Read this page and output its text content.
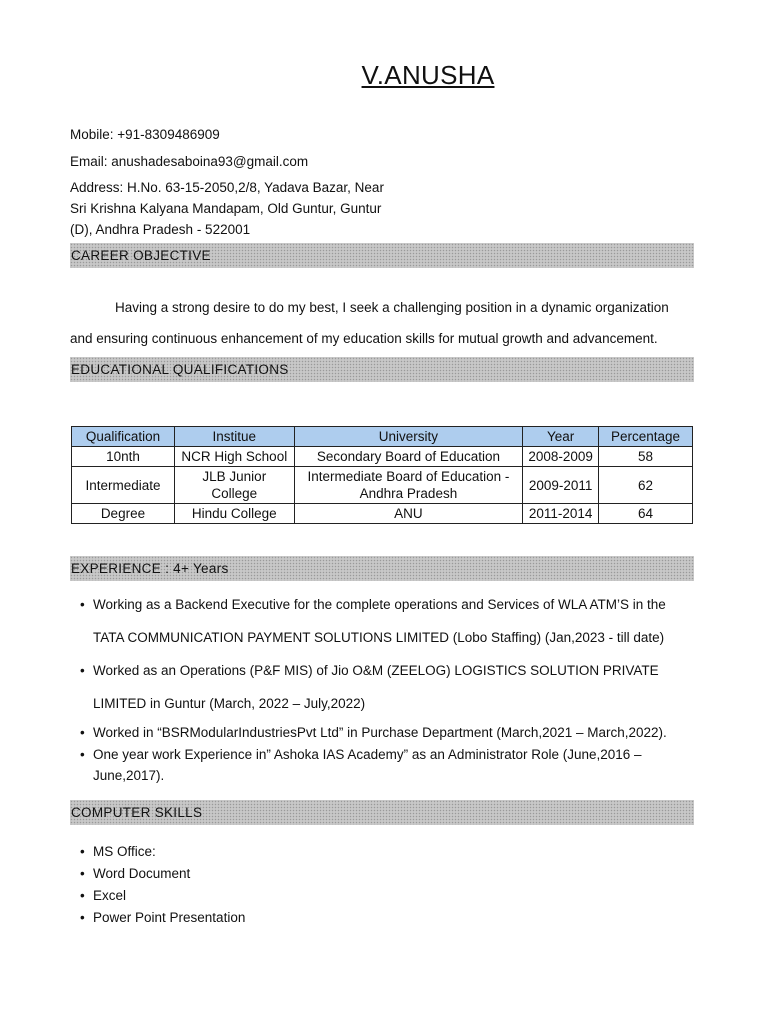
V.ANUSHA
Mobile: +91-8309486909
Email: anushadesaboina93@gmail.com
Address: H.No. 63-15-2050,2/8, Yadava Bazar, Near
Sri Krishna Kalyana Mandapam, Old Guntur, Guntur
(D), Andhra Pradesh - 522001
CAREER OBJECTIVE
Having a strong desire to do my best, I seek a challenging position in a dynamic organization and ensuring continuous enhancement of my education skills for mutual growth and advancement.
EDUCATIONAL QUALIFICATIONS
Qualification	Institue	University	Year	Percentage
10nth	NCR High School	Secondary Board of Education	2008-2009	58
Intermediate	JLB Junior College	Intermediate Board of Education - Andhra Pradesh	2009-2011	62
Degree	Hindu College	ANU	2011-2014	64
EXPERIENCE : 4+ Years
• Working as a Backend Executive for the complete operations and Services of WLA ATM’S in the TATA COMMUNICATION PAYMENT SOLUTIONS LIMITED (Lobo Staffing) (Jan,2023 - till date)
• Worked as an Operations (P&F MIS) of Jio O&M (ZEELOG) LOGISTICS SOLUTION PRIVATE LIMITED in Guntur (March, 2022 – July,2022)
• Worked in “BSRModularIndustriesPvt Ltd” in Purchase Department (March,2021 – March,2022).
• One year work Experience in” Ashoka IAS Academy” as an Administrator Role (June,2016 – June,2017).
COMPUTER SKILLS
• MS Office:
• Word Document
• Excel
• Power Point Presentation
